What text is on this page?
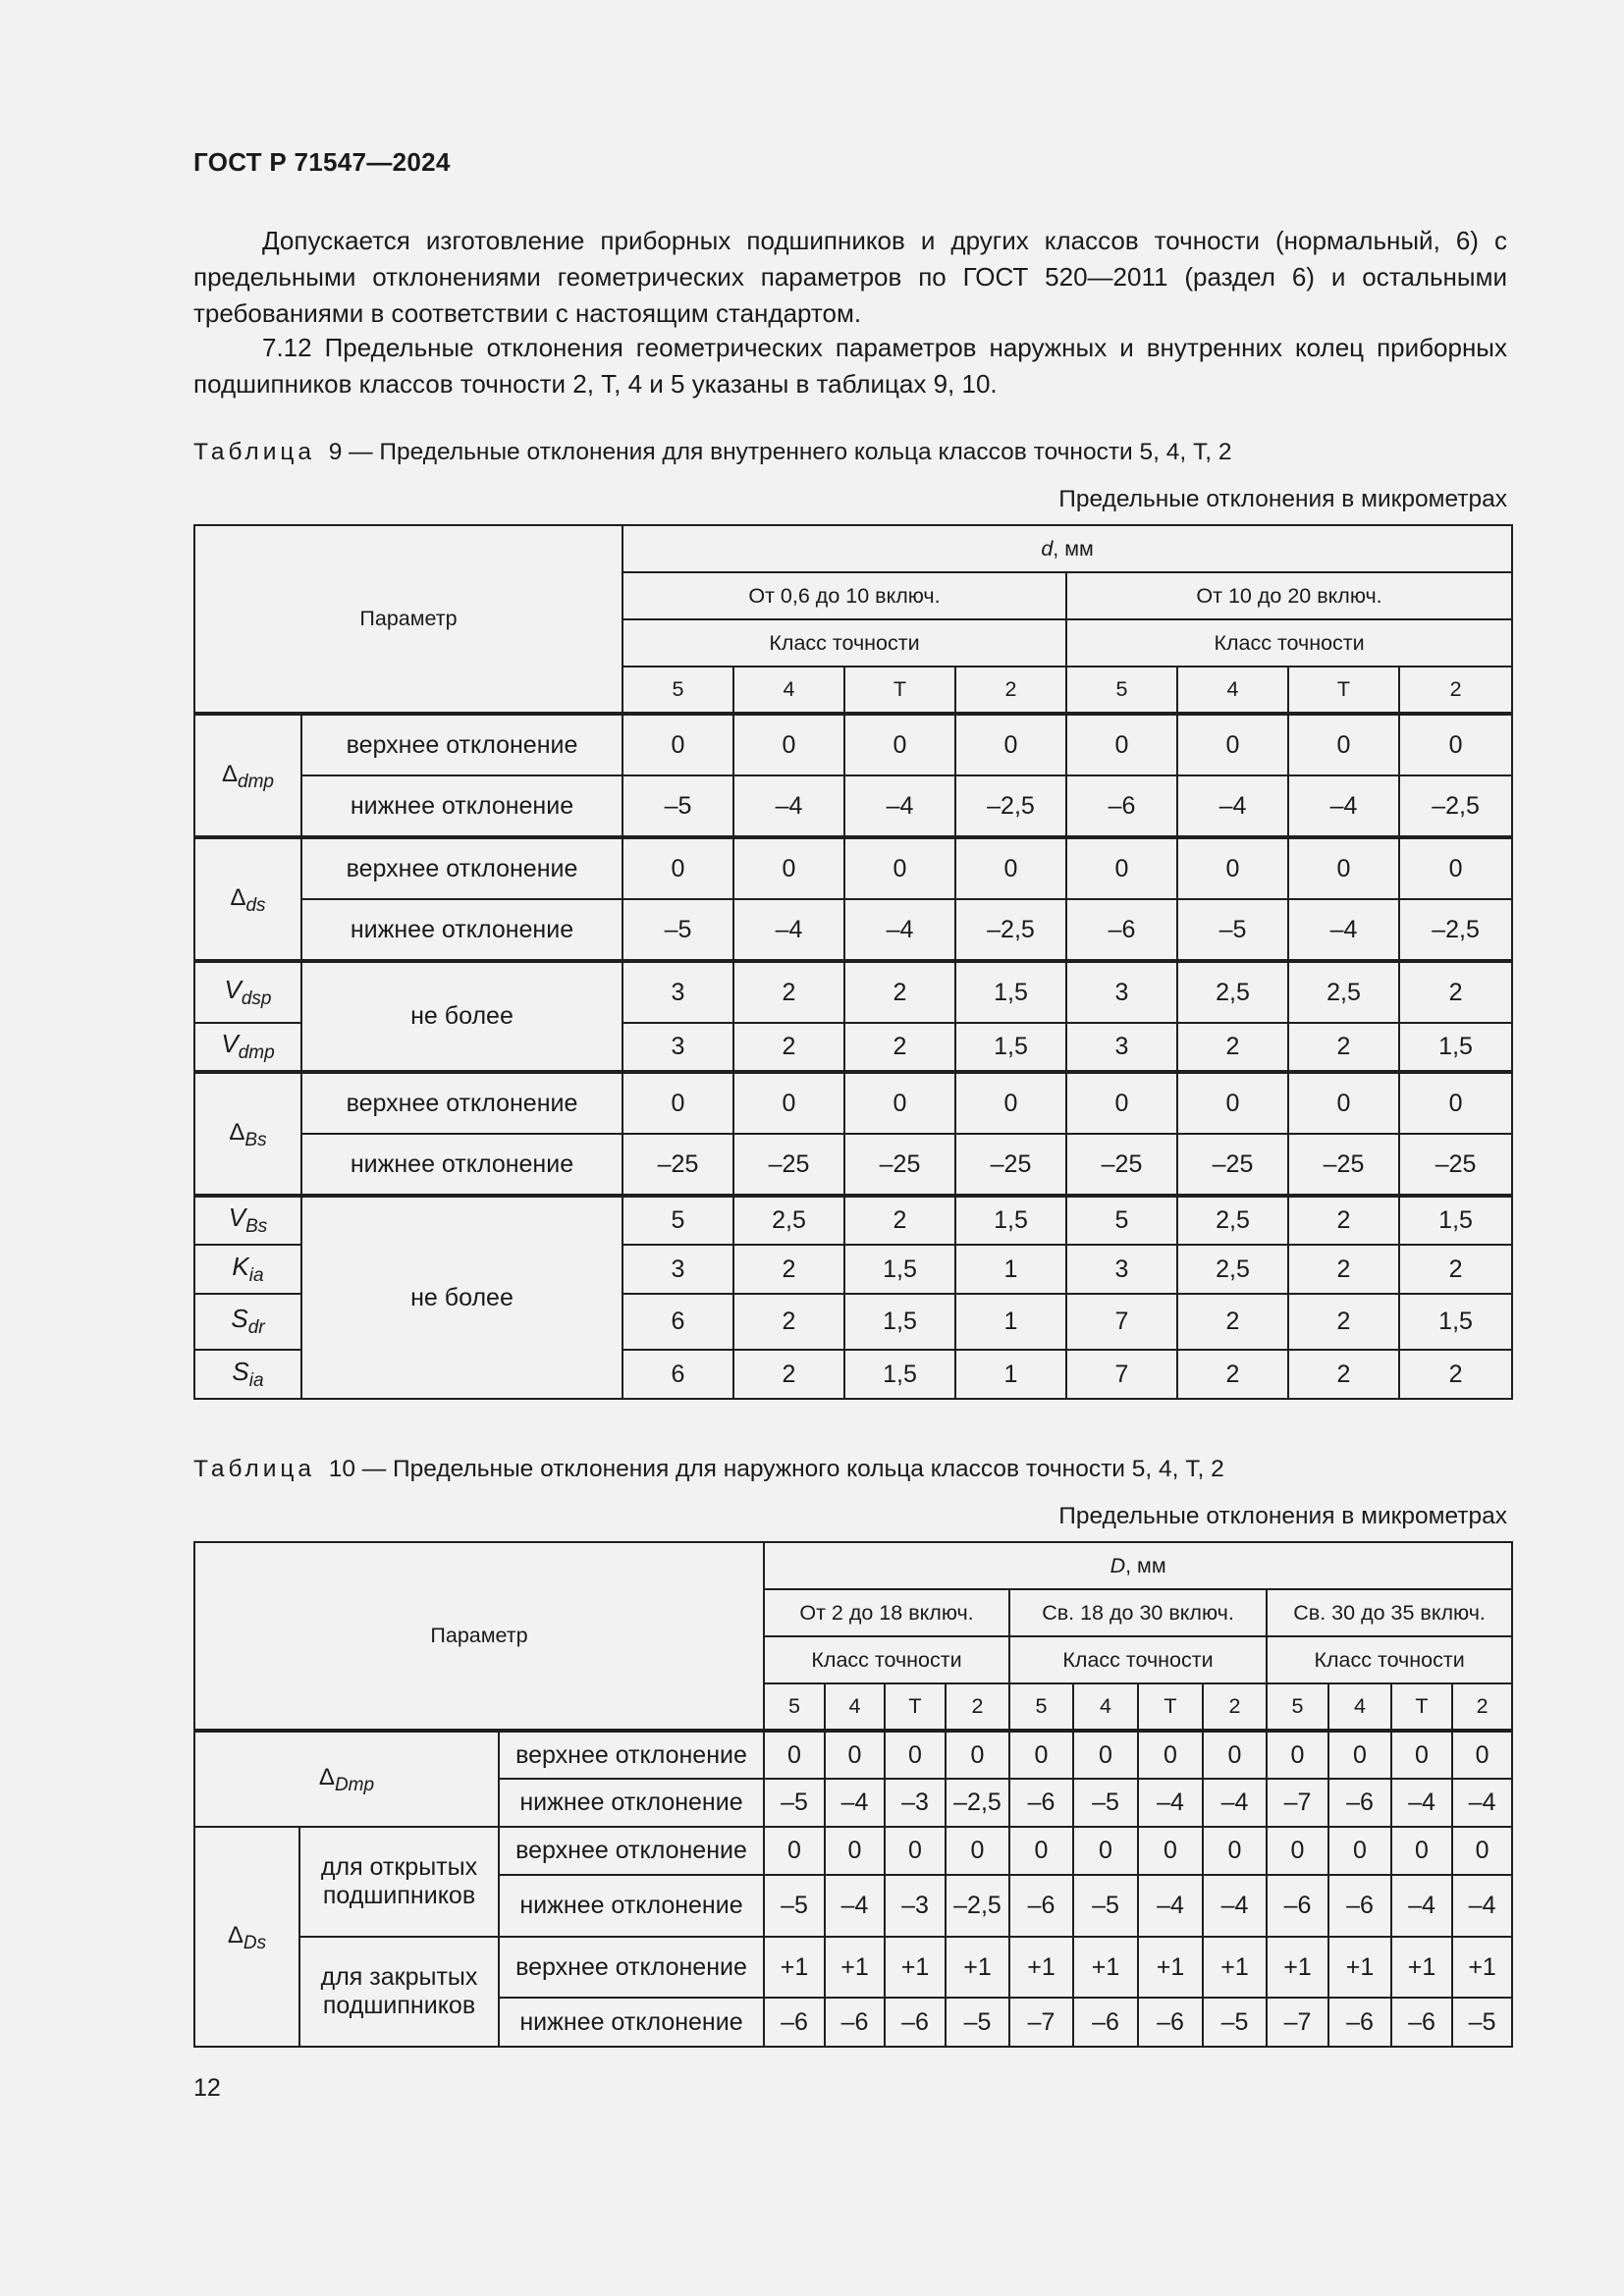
ГОСТ Р 71547—2024
Допускается изготовление приборных подшипников и других классов точности (нормальный, 6) с предельными отклонениями геометрических параметров по ГОСТ 520—2011 (раздел 6) и остальными требованиями в соответствии с настоящим стандартом.
7.12 Предельные отклонения геометрических параметров наружных и внутренних колец приборных подшипников классов точности 2, Т, 4 и 5 указаны в таблицах 9, 10.
Таблица 9 — Предельные отклонения для внутреннего кольца классов точности 5, 4, Т, 2
Предельные отклонения в микрометрах
Параметр		d, мм							
		От 0,6 до 10 включ.				От 10 до 20 включ.			
		Класс точности				Класс точности			
		5	4	Т	2	5	4	Т	2
$\Delta_{dmp}$	верхнее отклонение	0	0	0	0	0	0	0	0
	нижнее отклонение	–5	–4	–4	–2,5	–6	–4	–4	–2,5
$\Delta_{ds}$	верхнее отклонение	0	0	0	0	0	0	0	0
	нижнее отклонение	–5	–4	–4	–2,5	–6	–5	–4	–2,5
$V_{dsp}$	не более	3	2	2	1,5	3	2,5	2,5	2
$V_{dmp}$		3	2	2	1,5	3	2	2	1,5
$\Delta_{Bs}$	верхнее отклонение	0	0	0	0	0	0	0	0
	нижнее отклонение	–25	–25	–25	–25	–25	–25	–25	–25
$V_{Bs}$	не более	5	2,5	2	1,5	5	2,5	2	1,5
$K_{ia}$		3	2	1,5	1	3	2,5	2	2
$S_{dr}$		6	2	1,5	1	7	2	2	1,5
$S_{ia}$		6	2	1,5	1	7	2	2	2
Таблица 10 — Предельные отклонения для наружного кольца классов точности 5, 4, Т, 2
Предельные отклонения в микрометрах
Параметр			D, мм											
			От 2 до 18 включ.				Св. 18 до 30 включ.				Св. 30 до 35 включ.			
			Класс точности				Класс точности				Класс точности			
			5	4	Т	2	5	4	Т	2	5	4	Т	2
$\Delta_{Dmp}$		верхнее отклонение	0	0	0	0	0	0	0	0	0	0	0	0
		нижнее отклонение	–5	–4	–3	–2,5	–6	–5	–4	–4	–7	–6	–4	–4
$\Delta_{Ds}$	для открытых подшипников	верхнее отклонение	0	0	0	0	0	0	0	0	0	0	0	0
		нижнее отклонение	–5	–4	–3	–2,5	–6	–5	–4	–4	–6	–6	–4	–4
	для закрытых подшипников	верхнее отклонение	+1	+1	+1	+1	+1	+1	+1	+1	+1	+1	+1	+1
		нижнее отклонение	–6	–6	–6	–5	–7	–6	–6	–5	–7	–6	–6	–5
12
